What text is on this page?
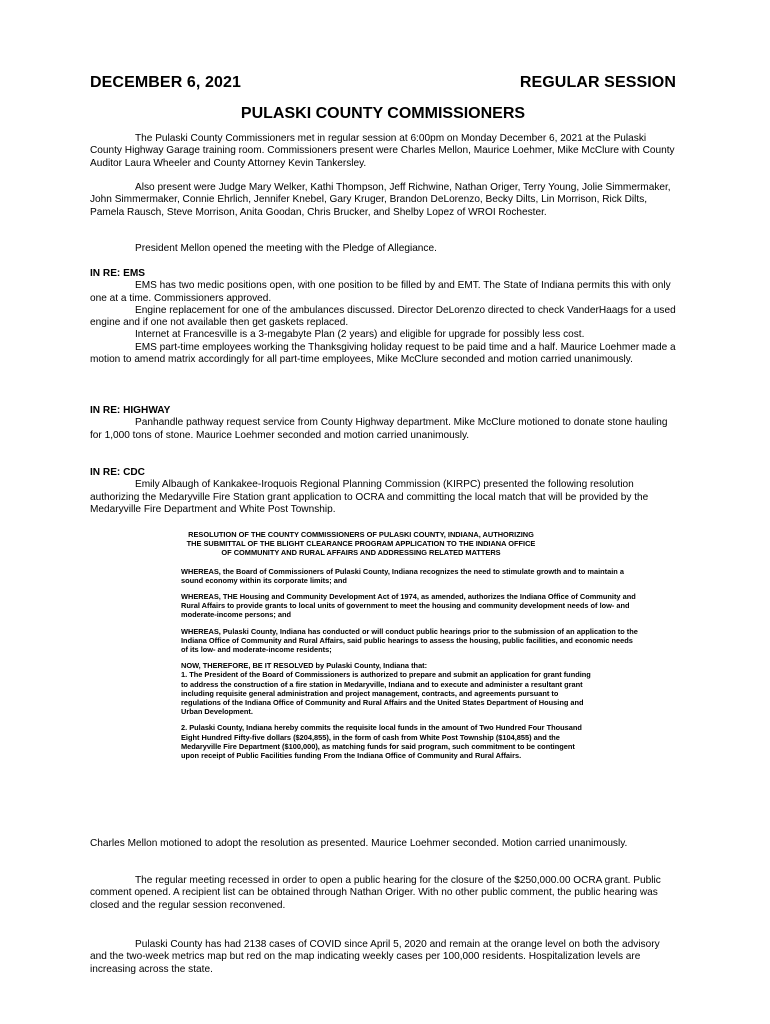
DECEMBER 6, 2021	REGULAR SESSION
PULASKI COUNTY COMMISSIONERS

The Pulaski County Commissioners met in regular session at 6:00pm on Monday December 6, 2021 at the Pulaski County Highway Garage training room. Commissioners present were Charles Mellon, Maurice Loehmer, Mike McClure with County Auditor Laura Wheeler and County Attorney Kevin Tankersley.

Also present were Judge Mary Welker, Kathi Thompson, Jeff Richwine, Nathan Origer, Terry Young, Jolie Simmermaker, John Simmermaker, Connie Ehrlich, Jennifer Knebel, Gary Kruger, Brandon DeLorenzo, Becky Dilts, Lin Morrison, Rick Dilts, Pamela Rausch, Steve Morrison, Anita Goodan, Chris Brucker, and Shelby Lopez of WROI Rochester.

President Mellon opened the meeting with the Pledge of Allegiance.

IN RE: EMS

EMS has two medic positions open, with one position to be filled by and EMT. The State of Indiana permits this with only one at a time. Commissioners approved.

Engine replacement for one of the ambulances discussed. Director DeLorenzo directed to check VanderHaags for a used engine and if one not available then get gaskets replaced.

Internet at Francesville is a 3-megabyte Plan (2 years) and eligible for upgrade for possibly less cost.

EMS part-time employees working the Thanksgiving holiday request to be paid time and a half. Maurice Loehmer made a motion to amend matrix accordingly for all part-time employees, Mike McClure seconded and motion carried unanimously.

IN RE: HIGHWAY

Panhandle pathway request service from County Highway department. Mike McClure motioned to donate stone hauling for 1,000 tons of stone. Maurice Loehmer seconded and motion carried unanimously.

IN RE: CDC

Emily Albaugh of Kankakee-Iroquois Regional Planning Commission (KIRPC) presented the following resolution authorizing the Medaryville Fire Station grant application to OCRA and committing the local match that will be provided by the Medaryville Fire Department and White Post Township.

RESOLUTION OF THE COUNTY COMMISSIONERS OF PULASKI COUNTY, INDIANA, AUTHORIZING THE SUBMITTAL OF THE BLIGHT CLEARANCE PROGRAM APPLICATION TO THE INDIANA OFFICE OF COMMUNITY AND RURAL AFFAIRS AND ADDRESSING RELATED MATTERS

WHEREAS, the Board of Commissioners of Pulaski County, Indiana recognizes the need to stimulate growth and to maintain a sound economy within its corporate limits; and

WHEREAS, THE Housing and Community Development Act of 1974, as amended, authorizes the Indiana Office of Community and Rural Affairs to provide grants to local units of government to meet the housing and community development needs of low- and moderate-income persons; and

WHEREAS, Pulaski County, Indiana has conducted or will conduct public hearings prior to the submission of an application to the Indiana Office of Community and Rural Affairs, said public hearings to assess the housing, public facilities, and economic needs of its low- and moderate-income residents;

NOW, THEREFORE, BE IT RESOLVED by Pulaski County, Indiana that:

1. The President of the Board of Commissioners is authorized to prepare and submit an application for grant funding to address the construction of a fire station in Medaryville, Indiana and to execute and administer a resultant grant including requisite general administration and project management, contracts, and agreements pursuant to regulations of the Indiana Office of Community and Rural Affairs and the United States Department of Housing and Urban Development.

2. Pulaski County, Indiana hereby commits the requisite local funds in the amount of Two Hundred Four Thousand Eight Hundred Fifty-five dollars ($204,855), in the form of cash from White Post Township ($104,855) and the Medaryville Fire Department ($100,000), as matching funds for said program, such commitment to be contingent upon receipt of Public Facilities funding From the Indiana Office of Community and Rural Affairs.

Charles Mellon motioned to adopt the resolution as presented. Maurice Loehmer seconded. Motion carried unanimously.

The regular meeting recessed in order to open a public hearing for the closure of the $250,000.00 OCRA grant. Public comment opened. A recipient list can be obtained through Nathan Origer. With no other public comment, the public hearing was closed and the regular session reconvened.

Pulaski County has had 2138 cases of COVID since April 5, 2020 and remain at the orange level on both the advisory and the two-week metrics map but red on the map indicating weekly cases per 100,000 residents. Hospitalization levels are increasing across the state.
